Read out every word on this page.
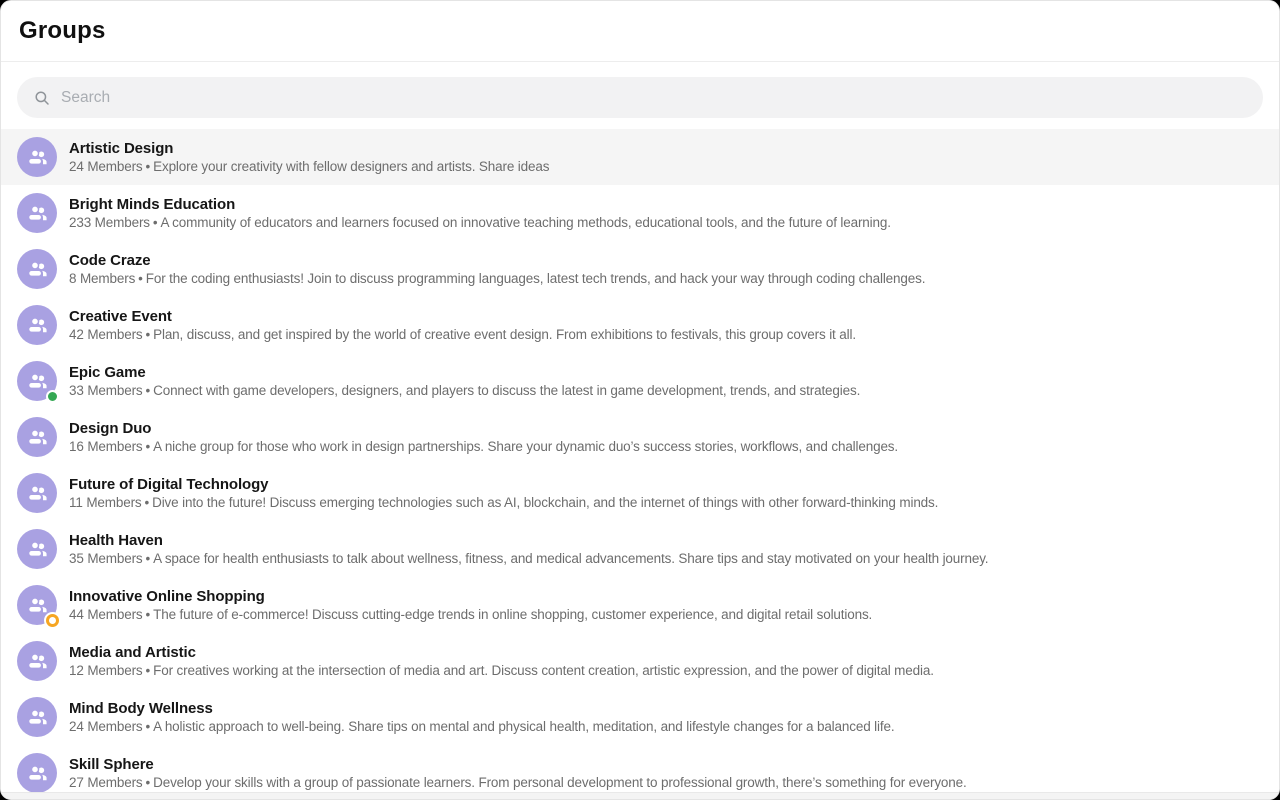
Groups
Search
Artistic Design
24 Members • Explore your creativity with fellow designers and artists. Share ideas
Bright Minds Education
233 Members • A community of educators and learners focused on innovative teaching methods, educational tools, and the future of learning.
Code Craze
8 Members • For the coding enthusiasts! Join to discuss programming languages, latest tech trends, and hack your way through coding challenges.
Creative Event
42 Members • Plan, discuss, and get inspired by the world of creative event design. From exhibitions to festivals, this group covers it all.
Epic Game
33 Members • Connect with game developers, designers, and players to discuss the latest in game development, trends, and strategies.
Design Duo
16 Members • A niche group for those who work in design partnerships. Share your dynamic duo’s success stories, workflows, and challenges.
Future of Digital Technology
11 Members • Dive into the future! Discuss emerging technologies such as AI, blockchain, and the internet of things with other forward-thinking minds.
Health Haven
35 Members • A space for health enthusiasts to talk about wellness, fitness, and medical advancements. Share tips and stay motivated on your health journey.
Innovative Online Shopping
44 Members • The future of e-commerce! Discuss cutting-edge trends in online shopping, customer experience, and digital retail solutions.
Media and Artistic
12 Members • For creatives working at the intersection of media and art. Discuss content creation, artistic expression, and the power of digital media.
Mind Body Wellness
24 Members • A holistic approach to well-being. Share tips on mental and physical health, meditation, and lifestyle changes for a balanced life.
Skill Sphere
27 Members • Develop your skills with a group of passionate learners. From personal development to professional growth, there’s something for everyone.
